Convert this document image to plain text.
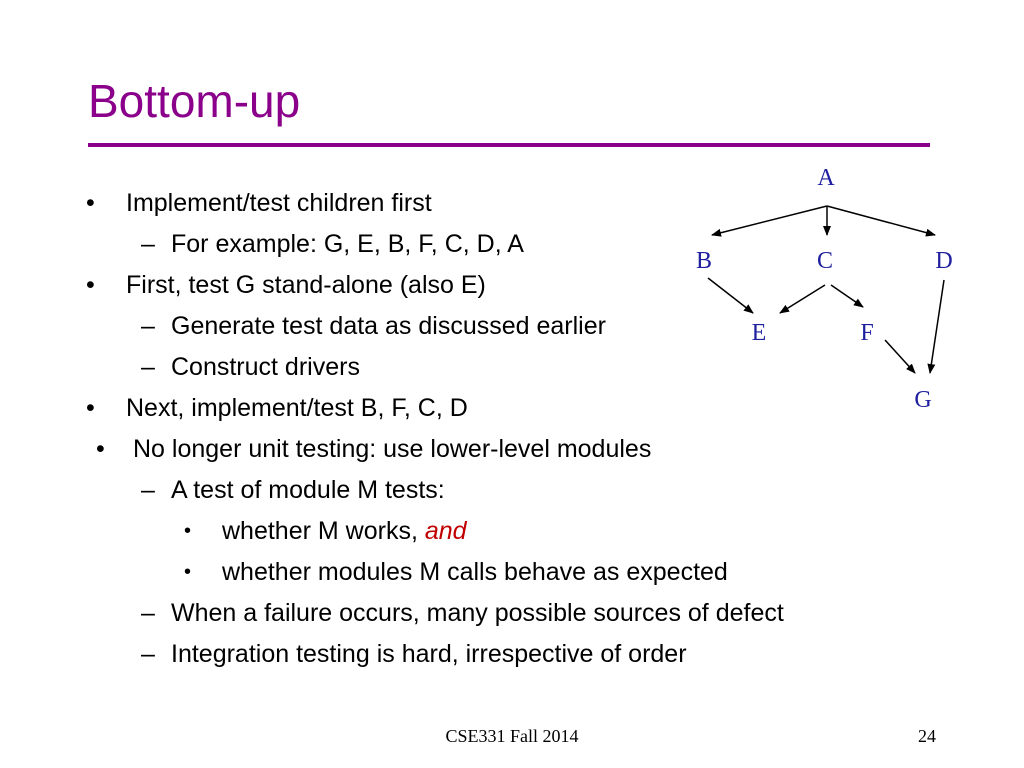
Bottom-up
• Implement/test children first
– For example: G, E, B, F, C, D, A
• First, test G stand-alone (also E)
– Generate test data as discussed earlier
– Construct drivers
• Next, implement/test B, F, C, D
• No longer unit testing: use lower-level modules
– A test of module M tests:
• whether M works, and
• whether modules M calls behave as expected
– When a failure occurs, many possible sources of defect
– Integration testing is hard, irrespective of order
A
B	C	D
E	F
G
CSE331 Fall 2014	24
